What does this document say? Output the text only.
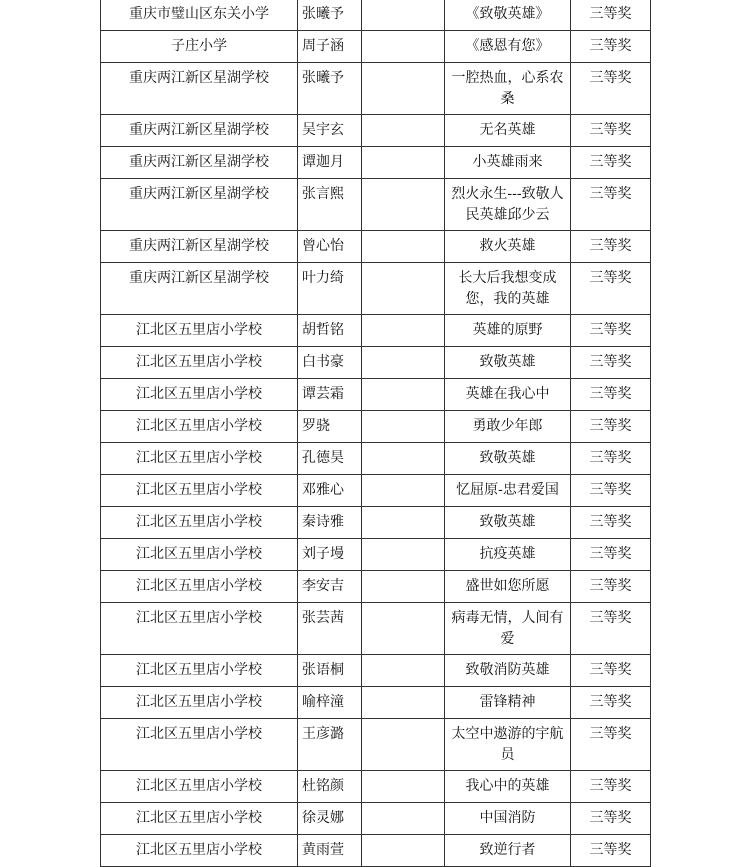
重庆市璧山区东关小学	张曦予		《致敬英雄》	三等奖
子庄小学	周子涵		《感恩有您》	三等奖
重庆两江新区星湖学校	张曦予		一腔热血，心系农桑	三等奖
重庆两江新区星湖学校	吴宇玄		无名英雄	三等奖
重庆两江新区星湖学校	谭迦月		小英雄雨来	三等奖
重庆两江新区星湖学校	张言熙		烈火永生---致敬人民英雄邱少云	三等奖
重庆两江新区星湖学校	曾心怡		救火英雄	三等奖
重庆两江新区星湖学校	叶力绮		长大后我想变成您，我的英雄	三等奖
江北区五里店小学校	胡哲铭		英雄的原野	三等奖
江北区五里店小学校	白书豪		致敬英雄	三等奖
江北区五里店小学校	谭芸霜		英雄在我心中	三等奖
江北区五里店小学校	罗骁		勇敢少年郎	三等奖
江北区五里店小学校	孔德昊		致敬英雄	三等奖
江北区五里店小学校	邓雅心		忆屈原-忠君爱国	三等奖
江北区五里店小学校	秦诗雅		致敬英雄	三等奖
江北区五里店小学校	刘子墁		抗疫英雄	三等奖
江北区五里店小学校	李安吉		盛世如您所愿	三等奖
江北区五里店小学校	张芸茜		病毒无情，人间有爱	三等奖
江北区五里店小学校	张语桐		致敬消防英雄	三等奖
江北区五里店小学校	喻梓潼		雷锋精神	三等奖
江北区五里店小学校	王彦潞		太空中遨游的宇航员	三等奖
江北区五里店小学校	杜铭颜		我心中的英雄	三等奖
江北区五里店小学校	徐灵娜		中国消防	三等奖
江北区五里店小学校	黄雨萱		致逆行者	三等奖
